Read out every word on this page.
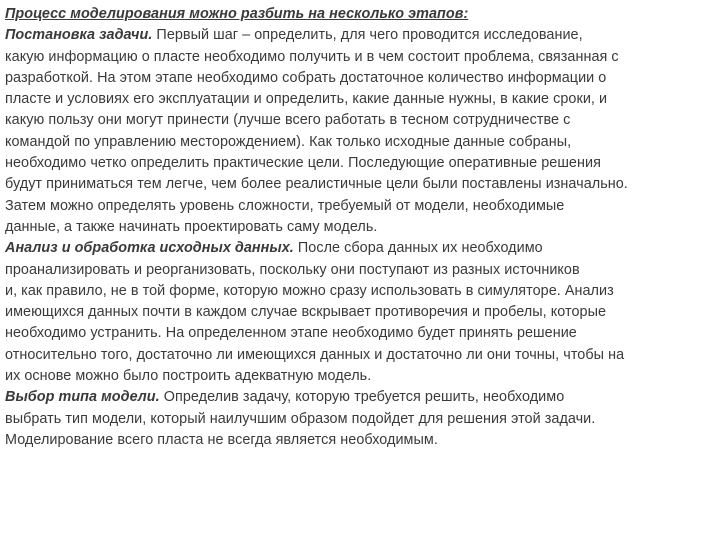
Процесс моделирования можно разбить на несколько этапов:
Постановка задачи. Первый шаг – определить, для чего проводится исследование,
какую информацию о пласте необходимо получить и в чем состоит проблема, связанная с
разработкой. На этом этапе необходимо собрать достаточное количество информации о
пласте и условиях его эксплуатации и определить, какие данные нужны, в какие сроки, и
какую пользу они могут принести (лучше всего работать в тесном сотрудничестве с
командой по управлению месторождением). Как только исходные данные собраны,
необходимо четко определить практические цели. Последующие оперативные решения
будут приниматься тем легче, чем более реалистичные цели были поставлены изначально.
Затем можно определять уровень сложности, требуемый от модели, необходимые
данные, а также начинать проектировать саму модель.
Анализ и обработка исходных данных. После сбора данных их необходимо
проанализировать и реорганизовать, поскольку они поступают из разных источников
и, как правило, не в той форме, которую можно сразу использовать в симуляторе. Анализ
имеющихся данных почти в каждом случае вскрывает противоречия и пробелы, которые
необходимо устранить. На определенном этапе необходимо будет принять решение
относительно того, достаточно ли имеющихся данных и достаточно ли они точны, чтобы на
их основе можно было построить адекватную модель.
Выбор типа модели. Определив задачу, которую требуется решить, необходимо
выбрать тип модели, который наилучшим образом подойдет для решения этой задачи.
Моделирование всего пласта не всегда является необходимым.
